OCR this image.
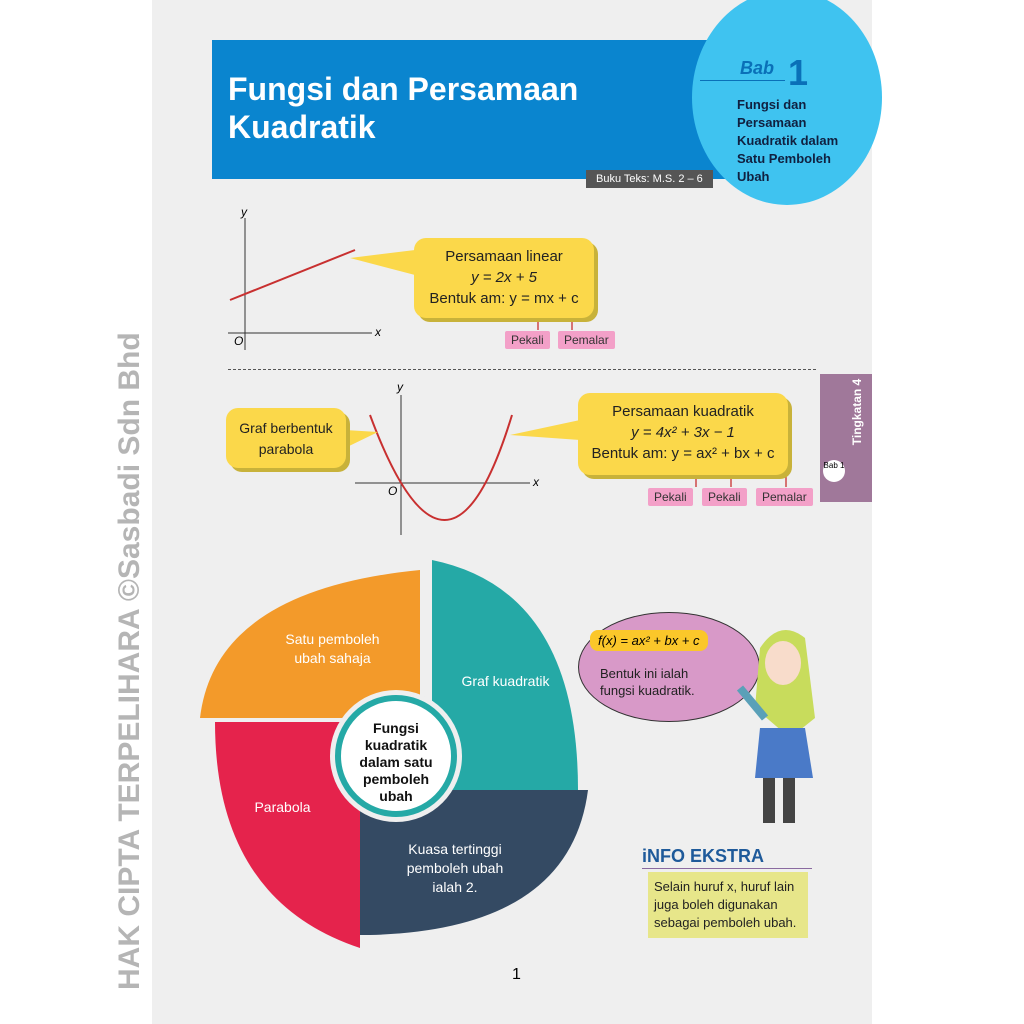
Fungsi dan Persamaan
Kuadratik
Bab 1
Fungsi dan Persamaan Kuadratik dalam Satu Pemboleh Ubah
Buku Teks: M.S. 2 – 6
y
x
O
Persamaan linear
y = 2x + 5
Bentuk am: y = mx + c
Pekali	Pemalar
Graf berbentuk parabola
y
x
O
Persamaan kuadratik
y = 4x² + 3x − 1
Bentuk am: y = ax² + bx + c
Pekali	Pekali	Pemalar
Tingkatan 4
Bab 1
Satu pemboleh ubah sahaja
Graf kuadratik
Kuasa tertinggi pemboleh ubah ialah 2.
Parabola
Fungsi kuadratik dalam satu pemboleh ubah
f(x) = ax² + bx + c
Bentuk ini ialah fungsi kuadratik.
iNFO EKSTRA
Selain huruf x, huruf lain juga boleh digunakan sebagai pemboleh ubah.
1
HAK CIPTA TERPELIHARA ©Sasbadi Sdn Bhd
